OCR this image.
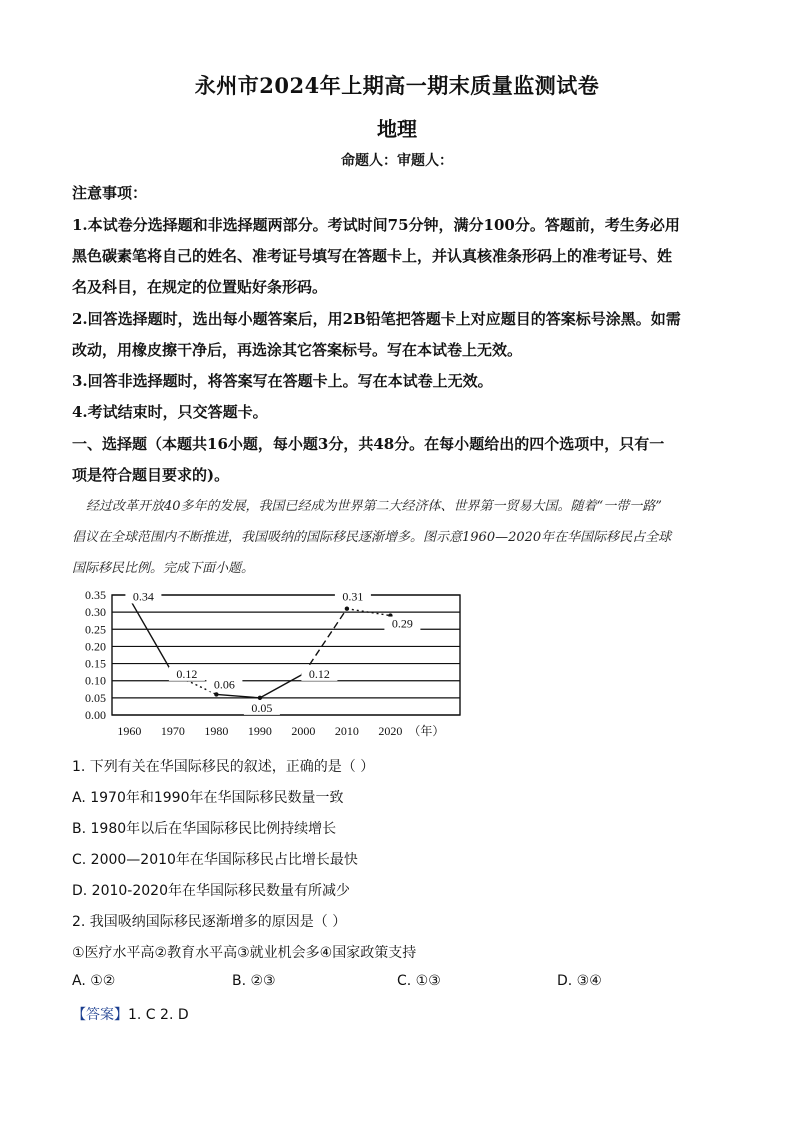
永州市2024年上期高一期末质量监测试卷
地理
命题人：审题人：
注意事项：
1.本试卷分选择题和非选择题两部分。考试时间75分钟，满分100分。答题前，考生务必用
黑色碳素笔将自己的姓名、准考证号填写在答题卡上，并认真核准条形码上的准考证号、姓
名及科目，在规定的位置贴好条形码。
2.回答选择题时，选出每小题答案后，用2B铅笔把答题卡上对应题目的答案标号涂黑。如需
改动，用橡皮擦干净后，再选涂其它答案标号。写在本试卷上无效。
3.回答非选择题时，将答案写在答题卡上。写在本试卷上无效。
4.考试结束时，只交答题卡。
一、选择题（本题共16小题，每小题3分，共48分。在每小题给出的四个选项中，只有一
项是符合题目要求的)。
经过改革开放40多年的发展，我国已经成为世界第二大经济体、世界第一贸易大国。随着“一带一路”
倡议在全球范围内不断推进，我国吸纳的国际移民逐渐增多。图示意1960—2020年在华国际移民占全球
国际移民比例。完成下面小题。
0.00
0.05
0.10
0.15
0.20
0.25
0.30
0.35
1960 1970 1980 1990 2000 2010 2020
0.34
0.12
0.06
0.05
0.12
0.31
0.29
（年）
1. 下列有关在华国际移民的叙述，正确的是（ ）
A. 1970年和1990年在华国际移民数量一致
B. 1980年以后在华国际移民比例持续增长
C. 2000—2010年在华国际移民占比增长最快
D. 2010-2020年在华国际移民数量有所减少
2. 我国吸纳国际移民逐渐增多的原因是（ ）
①医疗水平高②教育水平高③就业机会多④国家政策支持
A. ①②	B. ②③	C. ①③	D. ③④
【答案】1. C 2. D
